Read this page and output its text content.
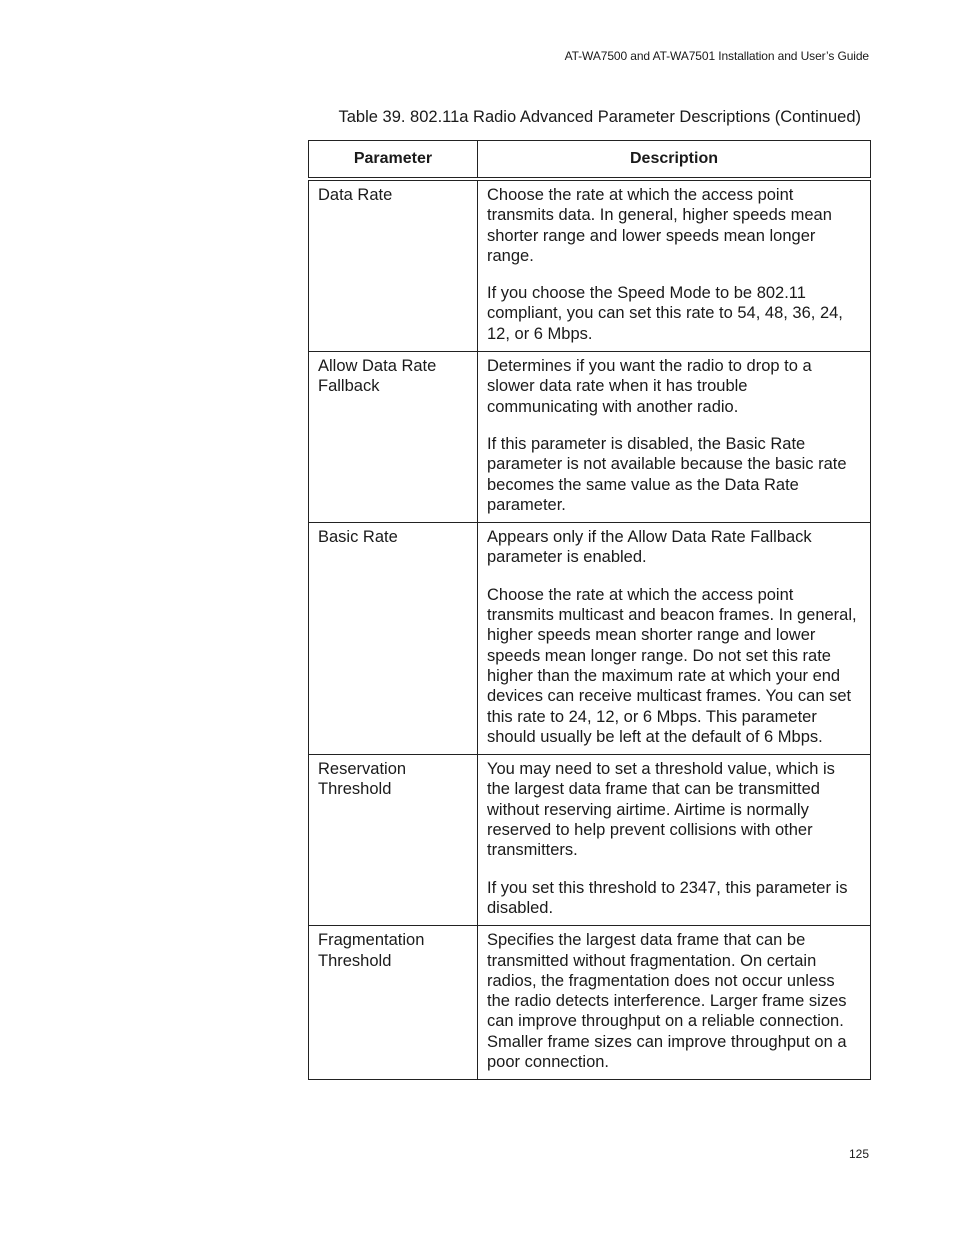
AT-WA7500 and AT-WA7501 Installation and User’s Guide
Table 39. 802.11a Radio Advanced Parameter Descriptions (Continued)
Parameter	Description
Data Rate	Choose the rate at which the access point transmits data. In general, higher speeds mean shorter range and lower speeds mean longer range.

If you choose the Speed Mode to be 802.11 compliant, you can set this rate to 54, 48, 36, 24, 12, or 6 Mbps.

Allow Data Rate Fallback	Determines if you want the radio to drop to a slower data rate when it has trouble communicating with another radio.

If this parameter is disabled, the Basic Rate parameter is not available because the basic rate becomes the same value as the Data Rate parameter.

Basic Rate	Appears only if the Allow Data Rate Fallback parameter is enabled.

Choose the rate at which the access point transmits multicast and beacon frames. In general, higher speeds mean shorter range and lower speeds mean longer range. Do not set this rate higher than the maximum rate at which your end devices can receive multicast frames. You can set this rate to 24, 12, or 6 Mbps. This parameter should usually be left at the default of 6 Mbps.

Reservation Threshold	You may need to set a threshold value, which is the largest data frame that can be transmitted without reserving airtime. Airtime is normally reserved to help prevent collisions with other transmitters.

If you set this threshold to 2347, this parameter is disabled.

Fragmentation Threshold	Specifies the largest data frame that can be transmitted without fragmentation. On certain radios, the fragmentation does not occur unless the radio detects interference. Larger frame sizes can improve throughput on a reliable connection. Smaller frame sizes can improve throughput on a poor connection.

125
